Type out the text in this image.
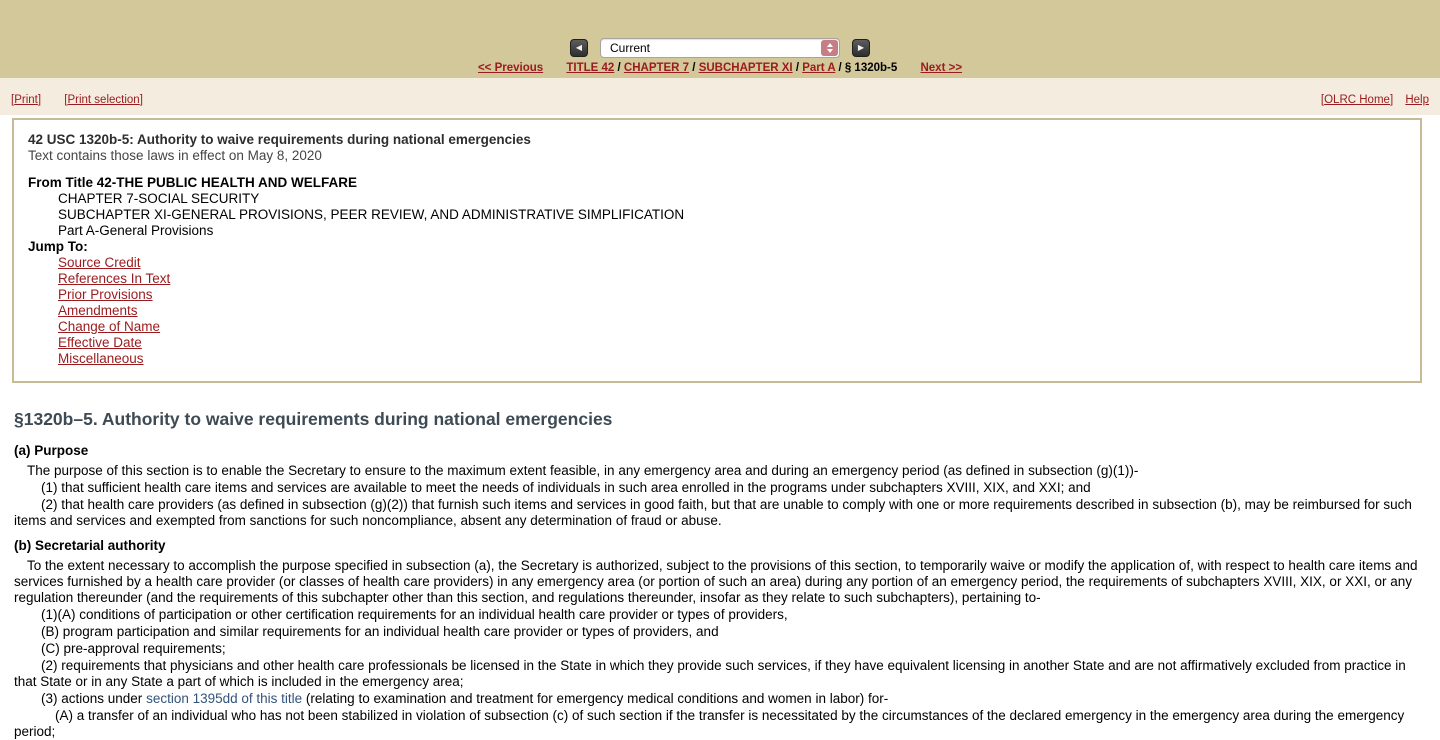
◀	Current	▶
<< Previous TITLE 42 / CHAPTER 7 / SUBCHAPTER XI / Part A / § 1320b-5 Next >>
[Print] [Print selection]	[OLRC Home] Help
42 USC 1320b-5: Authority to waive requirements during national emergencies
Text contains those laws in effect on May 8, 2020
From Title 42-THE PUBLIC HEALTH AND WELFARE
CHAPTER 7-SOCIAL SECURITY
SUBCHAPTER XI-GENERAL PROVISIONS, PEER REVIEW, AND ADMINISTRATIVE SIMPLIFICATION
Part A-General Provisions
Jump To:
Source Credit
References In Text
Prior Provisions
Amendments
Change of Name
Effective Date
Miscellaneous
§1320b–5. Authority to waive requirements during national emergencies
(a) Purpose
The purpose of this section is to enable the Secretary to ensure to the maximum extent feasible, in any emergency area and during an emergency period (as defined in subsection (g)(1))-
(1) that sufficient health care items and services are available to meet the needs of individuals in such area enrolled in the programs under subchapters XVIII, XIX, and XXI; and
(2) that health care providers (as defined in subsection (g)(2)) that furnish such items and services in good faith, but that are unable to comply with one or more requirements described in subsection (b), may be reimbursed for such items and services and exempted from sanctions for such noncompliance, absent any determination of fraud or abuse.
(b) Secretarial authority
To the extent necessary to accomplish the purpose specified in subsection (a), the Secretary is authorized, subject to the provisions of this section, to temporarily waive or modify the application of, with respect to health care items and services furnished by a health care provider (or classes of health care providers) in any emergency area (or portion of such an area) during any portion of an emergency period, the requirements of subchapters XVIII, XIX, or XXI, or any regulation thereunder (and the requirements of this subchapter other than this section, and regulations thereunder, insofar as they relate to such subchapters), pertaining to-
(1)(A) conditions of participation or other certification requirements for an individual health care provider or types of providers,
(B) program participation and similar requirements for an individual health care provider or types of providers, and
(C) pre-approval requirements;
(2) requirements that physicians and other health care professionals be licensed in the State in which they provide such services, if they have equivalent licensing in another State and are not affirmatively excluded from practice in that State or in any State a part of which is included in the emergency area;
(3) actions under section 1395dd of this title (relating to examination and treatment for emergency medical conditions and women in labor) for-
(A) a transfer of an individual who has not been stabilized in violation of subsection (c) of such section if the transfer is necessitated by the circumstances of the declared emergency in the emergency area during the emergency period;
